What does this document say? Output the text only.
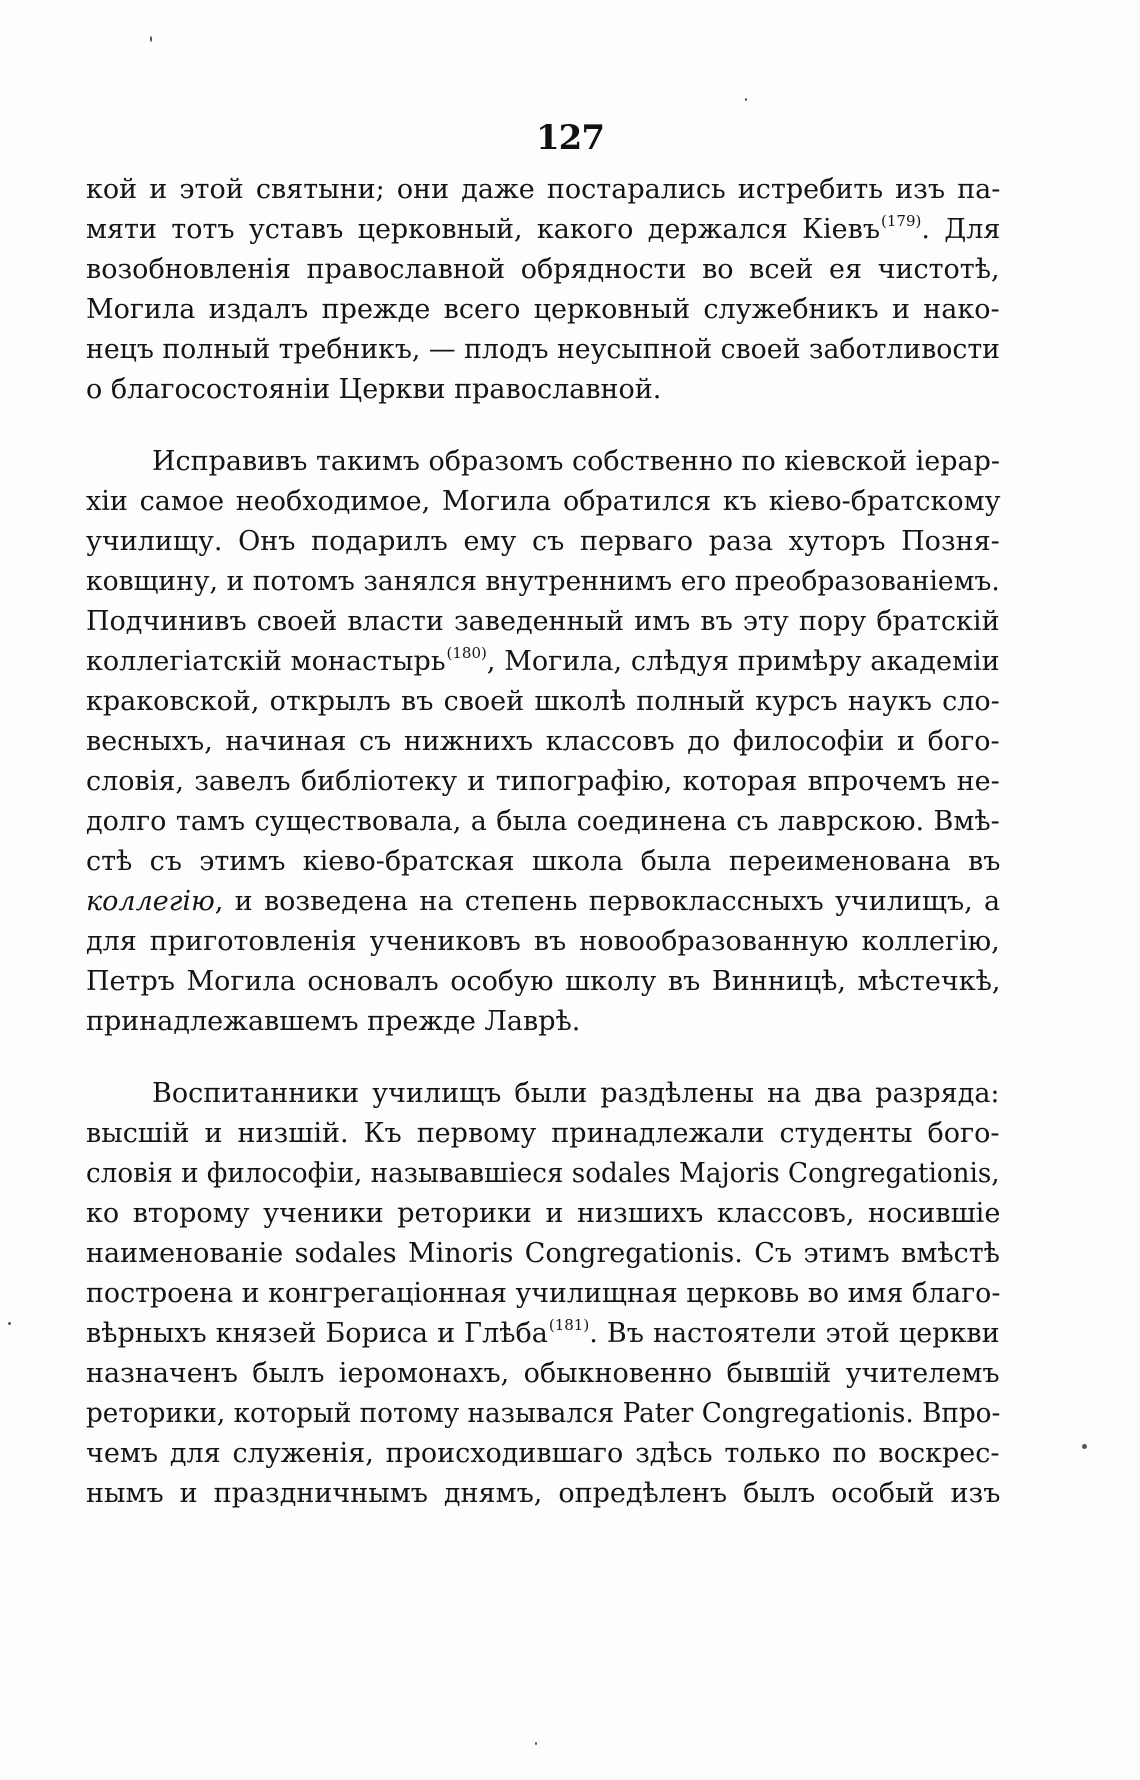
127
кой и этой святыни; они даже постарались истребить изъ па-
мяти тотъ уставъ церковный, какого держался Кіевъ$^{(179)}$. Для
возобновленія православной обрядности во всей ея чистотѣ,
Могила издалъ прежде всего церковный служебникъ и нако-
нецъ полный требникъ, — плодъ неусыпной своей заботливости
о благосостояніи Церкви православной.
Исправивъ такимъ образомъ собственно по кіевской іерар-
хіи самое необходимое, Могила обратился къ кіево-братскому
училищу. Онъ подарилъ ему съ перваго раза хуторъ Позня-
ковщину, и потомъ занялся внутреннимъ его преобразованіемъ.
Подчинивъ своей власти заведенный имъ въ эту пору братскій
коллегіатскій монастырь$^{(180)}$, Могила, слѣдуя примѣру академіи
краковской, открылъ въ своей школѣ полный курсъ наукъ сло-
весныхъ, начиная съ нижнихъ классовъ до философіи и бого-
словія, завелъ библіотеку и типографію, которая впрочемъ не-
долго тамъ существовала, а была соединена съ лаврскою. Вмѣ-
стѣ съ этимъ кіево-братская школа была переименована въ
коллегію, и возведена на степень первоклассныхъ училищъ, а
для приготовленія учениковъ въ новообразованную коллегію,
Петръ Могила основалъ особую школу въ Винницѣ, мѣстечкѣ,
принадлежавшемъ прежде Лаврѣ.
Воспитанники училищъ были раздѣлены на два разряда:
высшій и низшій. Къ первому принадлежали студенты бого-
словія и философіи, называвшіеся sodales Majoris Congregationis,
ко второму ученики реторики и низшихъ классовъ, носившіе
наименованіе sodales Minoris Congregationis. Съ этимъ вмѣстѣ
построена и конгрегаціонная училищная церковь во имя благо-
вѣрныхъ князей Бориса и Глѣба$^{(181)}$. Въ настоятели этой церкви
назначенъ былъ іеромонахъ, обыкновенно бывшій учителемъ
реторики, который потому назывался Pater Congregationis. Впро-
чемъ для служенія, происходившаго здѣсь только по воскрес-
нымъ и праздничнымъ днямъ, опредѣленъ былъ особый изъ
